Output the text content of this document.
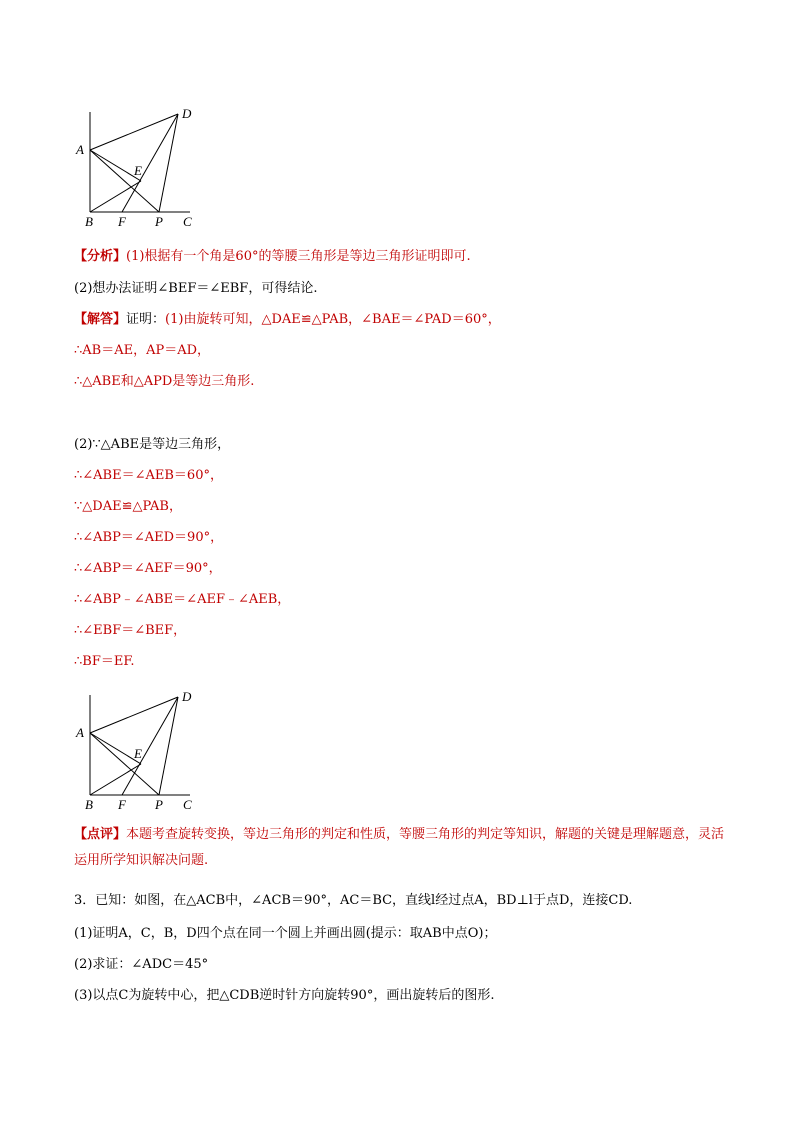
D
A
E
B F P C
【分析】(1)根据有一个角是60°的等腰三角形是等边三角形证明即可.
(2)想办法证明∠BEF＝∠EBF，可得结论.
【解答】证明：(1)由旋转可知，△DAE≌△PAB，∠BAE＝∠PAD＝60°，
∴AB＝AE，AP＝AD，
∴△ABE和△APD是等边三角形.
(2)∵△ABE是等边三角形，
∴∠ABE＝∠AEB＝60°，
∵△DAE≌△PAB，
∴∠ABP＝∠AED＝90°，
∴∠ABP＝∠AEF＝90°，
∴∠ABP﹣∠ABE＝∠AEF﹣∠AEB，
∴∠EBF＝∠BEF，
∴BF＝EF.
D
A
E
B F P C
【点评】本题考查旋转变换，等边三角形的判定和性质，等腰三角形的判定等知识，解题的关键是理解题意，灵活运用所学知识解决问题.
3．已知：如图，在△ACB中，∠ACB＝90°，AC＝BC，直线l经过点A，BD⊥l于点D，连接CD.
(1)证明A，C，B，D四个点在同一个圆上并画出圆(提示：取AB中点O)；
(2)求证：∠ADC＝45°
(3)以点C为旋转中心，把△CDB逆时针方向旋转90°，画出旋转后的图形.
